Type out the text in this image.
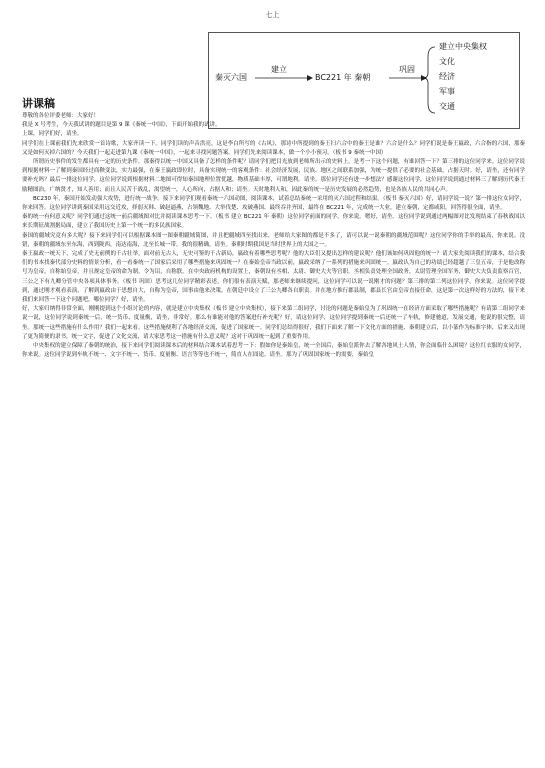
七上
秦灭六国
建立
BC221 年 秦朝
巩固
建立中央集权
文化
经济
军事
交通
讲课稿

尊敬的各位评委老师：大家好！

我是 X 号考生，今天我试讲的题目是第 9 课《秦统一中国》，下面开始我的试讲。

上课，同学们好，请坐。

同学们在上课前我们先来欣赏一首诗歌，大家齐读一下。同学们读的声音洪亮，这是李白所写的《古风》，那诗中所提到的秦王扫六合中的秦王是谁？六合是什么？同学们说是秦王嬴政，六合指的六国，那秦又是如何灭掉六国的？今天我们一起走进第九课《秦统一中国》，一起来寻找问题答案。同学们先来阅读课本，做一个小小预习。（板书 9 秦统一中国）

所谓历史事件的发生都具有一定的历史条件，那秦得以统一中国又具备了怎样的条件呢？请同学们把目光放到老师所出示的史料上，是考一下这个问题，有谁回答一下？第三排的这位同学来。这位同学说到根据材料一了解到秦国经过商鞅变法，实力最强，在秦王嬴政即位时，具备实现统一的客观条件：社会经济发展，民族、地区之间联系加强，为统一提供了必要的社会基础，占据天时。好，请坐，还有同学要补充吗？最后一排这位同学，这位同学说到根据材料二地图可得知秦国地理位置优越，物质基础丰厚，可谓地利。请坐。那位同学还有进一步想法？感谢这位同学，这位同学说到通过材料三了解到历代秦王励精图治，广纳贤才，知人善用；而且人民苦于战乱，渴望统一，人心所向，占据人和；请坐。天时地利人和，因此秦的统一是历史发展的必然趋势，也是各族人民的共同心声。

BC230 年，秦国开始发动强大攻势，进行统一战争。接下来同学们观看秦统一六国动图，阅读课本，试着总结秦统一采用的灭六国过程和结果。（板书 秦灭六国）好，请同学说一说？第一排这位女同学，你来回答。这位同学讲到秦国采用远交近攻，择弱灭韩、破赵逼燕、占领魏地、大举伐楚、攻破燕国、最终吞并齐国，最终在 BC221 年，完成统一大业，建立秦朝，定都咸阳。回答得很全面，请坐。

秦的统一有何意义呢？同学们通过这统一前后疆域图对比并阅读课本思考一下。（板书 建立 BC221 年 秦朝）这位同学前面的同学，你来说。嗯好，请坐。这位同学说到通过两幅图对比发现结束了春秋战国以来长期征战割据局面，建立了我国历史上第一个统一的多民族国家。

秦国的疆域究竟有多大呢？接下来同学们可以根据课本图一图秦朝疆域简图，并且把疆域四至找出来，老师给大家图的都是不多了，请可以说一说秦朝的疆域范围呢？这位同学你的手举的最高，你来说。没错，秦朝的疆域东至东海，西到陇西，南达南海，北至长城一带。我的很精确，请坐。秦朝时期我国是当时世界上的大国之一。

秦王嬴政一统天下，完成了史无前例的千古壮举，面对前无古人，无史可鉴的千古新局，嬴政有着哪些思考呢？他的大臣们又提出怎样的建议呢？他们该如何巩固他的统一？请大家先阅读我们的课本，结合我们的书本找秦代部分史料的情景分析，看一看秦统一了国家后采用了哪些措施来巩固统一？在秦始皇帝当政以前，嬴政采纳了一系列的措施来巩固统一。嬴政认为自己的功绩已经超越了三皇五帝，于是他改称号为皇帝，自称始皇帝，并且规定皇帝的命为制，令为诏，自称朕。在中央政府机构的设置上，秦朝设有丞相、太尉、御史大夫等官职。丞相负责处理全国政务，太尉管理全国军务，御史大夫负责监察百官，三公之下有九卿分管中央各项具体事务。（板书 巩固）思考这几位同学精彩表述，你们很有表演天赋，那老师来继续提问，这位同学可以说一说刚才的问题？第三排的第二列这位同学，你来说。这位同学提到，通过刚才观看表演，了解到嬴政由于思想自大，自称为皇帝，国事由他来决策，在朝廷中设立了三公九卿各自职责。并在地方推行郡县制，郡县长官由皇帝直接任命，这是第一次这样好的方法的，接下来我们来回答一下这个问题吧，哪位同学？好，请坐。

好，大家归纳得非常全面，刚刚提到这个小组讨论的内容，就是建立中央集权（板书 建立中央集权），接下来第二组同学，讨论的问题是秦始皇为了巩固统一在经济方面采取了哪些措施呢？有请第二组同学来说一说，这位同学说到秦统一后，统一货币、度量衡，请坐，非常好。那么有谁能对他的答案进行补充呢？好，请这位同学，这位同学提到秦统一后还统一了车轨，修建驰道，发展交通，他说的很完整，请坐。那统一这些措施有什么作用？我们一起来看。这些措施便利了各地经济交流，促进了国家统一。同学们总结得很好，我们下面来了解一下文化方面的措施，秦朝建立后，以小篆作为标准字体，后来又出现了更为简便的隶书，统一文字，促进了文化交流，请大家思考这一措施有什么意义呢？这对于巩固统一起到了重要作用。

中央集权的建立保障了秦朝的统治，接下来同学们阅读课本后的材料结合课本试着思考一下：假如你是秦始皇，统一全国后，秦始皇派你去了解各地风土人情，你会面临什么困境？这位红衣服的女同学，你来说。这位同学说到车轨不统一、文字不统一、货币、度量衡、语言等等也不统一，简直人在囧途。请坐。那为了巩固国家统一的需要，秦始皇
